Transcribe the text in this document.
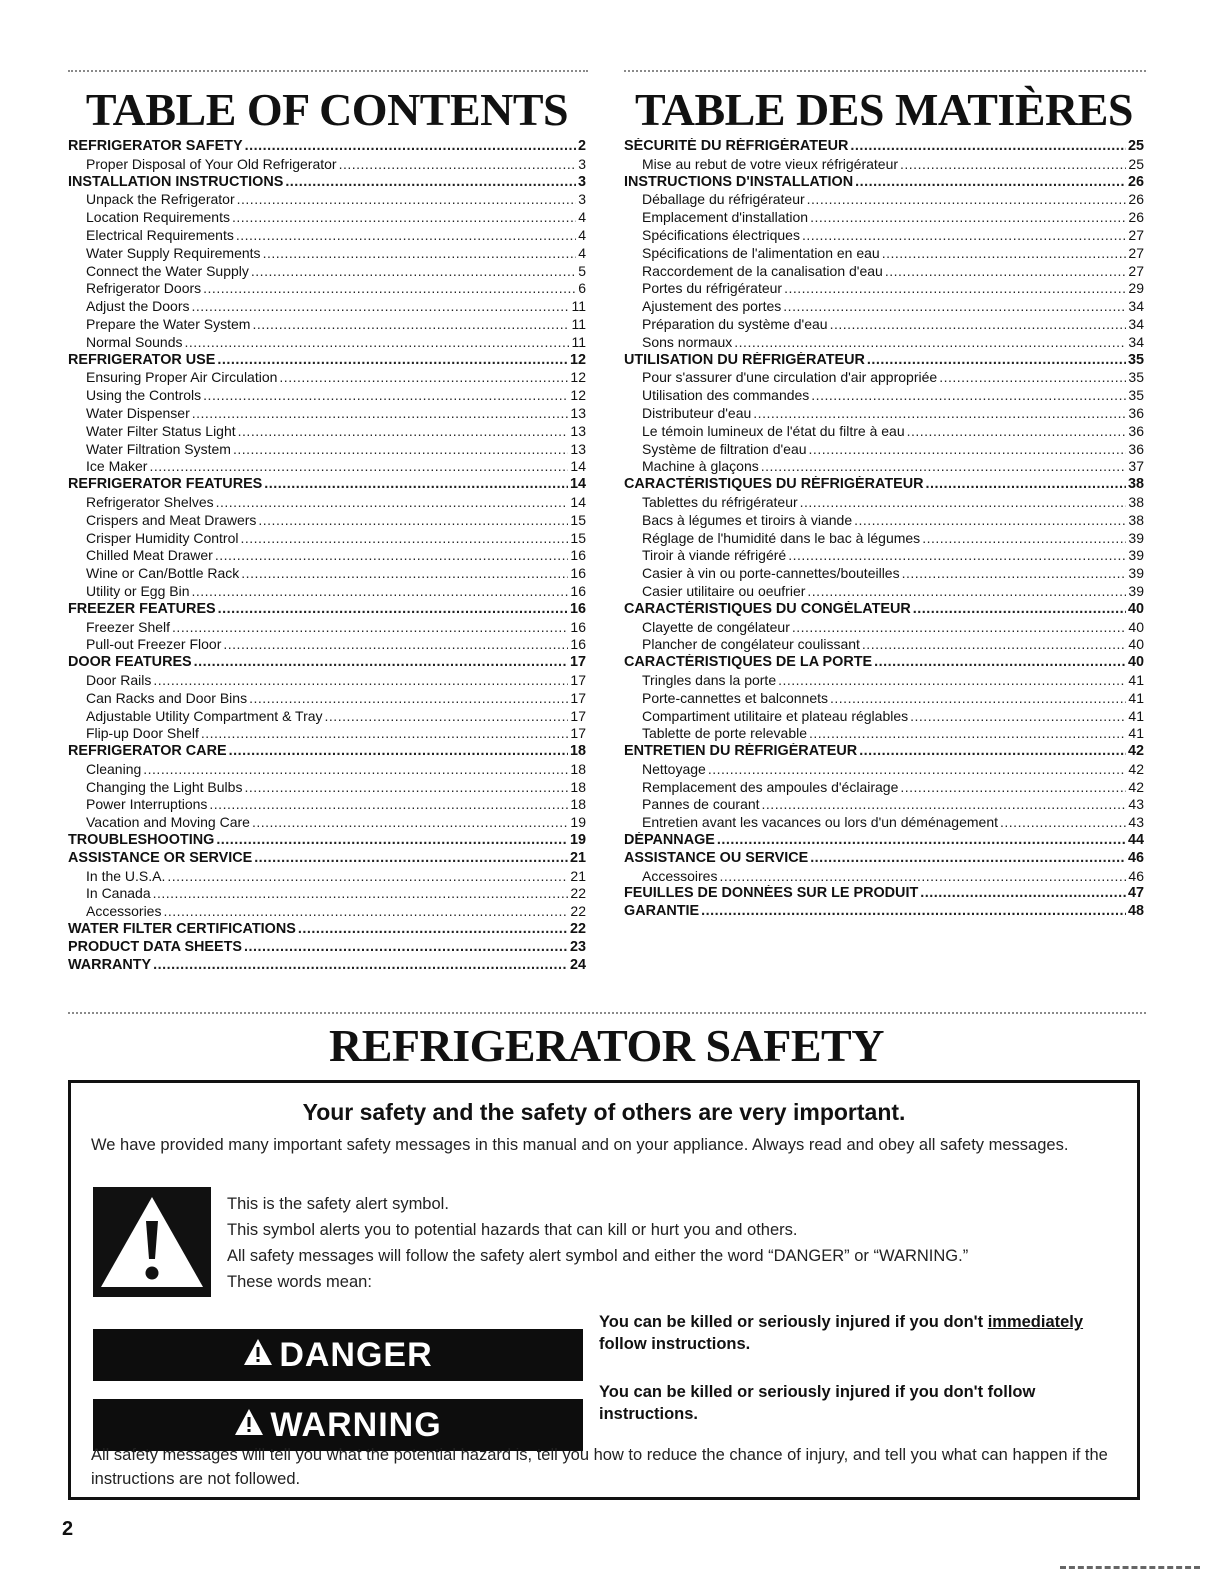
TABLE OF CONTENTS
REFRIGERATOR SAFETY .....	2
Proper Disposal of Your Old Refrigerator .....	3
INSTALLATION INSTRUCTIONS .....	3
Unpack the Refrigerator .....	3
Location Requirements .....	4
Electrical Requirements .....	4
Water Supply Requirements .....	4
Connect the Water Supply .....	5
Refrigerator Doors .....	6
Adjust the Doors .....	11
Prepare the Water System .....	11
Normal Sounds .....	11
REFRIGERATOR USE .....	12
Ensuring Proper Air Circulation .....	12
Using the Controls .....	12
Water Dispenser .....	13
Water Filter Status Light .....	13
Water Filtration System .....	13
Ice Maker .....	14
REFRIGERATOR FEATURES .....	14
Refrigerator Shelves .....	14
Crispers and Meat Drawers .....	15
Crisper Humidity Control .....	15
Chilled Meat Drawer .....	16
Wine or Can/Bottle Rack .....	16
Utility or Egg Bin .....	16
FREEZER FEATURES .....	16
Freezer Shelf .....	16
Pull-out Freezer Floor .....	16
DOOR FEATURES .....	17
Door Rails .....	17
Can Racks and Door Bins .....	17
Adjustable Utility Compartment & Tray .....	17
Flip-up Door Shelf .....	17
REFRIGERATOR CARE .....	18
Cleaning .....	18
Changing the Light Bulbs .....	18
Power Interruptions .....	18
Vacation and Moving Care .....	19
TROUBLESHOOTING .....	19
ASSISTANCE OR SERVICE .....	21
In the U.S.A. .....	21
In Canada .....	22
Accessories .....	22
WATER FILTER CERTIFICATIONS .....	22
PRODUCT DATA SHEETS .....	23
WARRANTY .....	24
TABLE DES MATIÈRES
SÉCURITÉ DU RÉFRIGÉRATEUR .....	25
Mise au rebut de votre vieux réfrigérateur .....	25
INSTRUCTIONS D'INSTALLATION .....	26
Déballage du réfrigérateur .....	26
Emplacement d'installation .....	26
Spécifications électriques .....	27
Spécifications de l'alimentation en eau .....	27
Raccordement de la canalisation d'eau .....	27
Portes du réfrigérateur .....	29
Ajustement des portes .....	34
Préparation du système d'eau .....	34
Sons normaux .....	34
UTILISATION DU RÉFRIGÉRATEUR .....	35
Pour s'assurer d'une circulation d'air appropriée .....	35
Utilisation des commandes .....	35
Distributeur d'eau .....	36
Le témoin lumineux de l'état du filtre à eau .....	36
Système de filtration d'eau .....	36
Machine à glaçons .....	37
CARACTÉRISTIQUES DU RÉFRIGÉRATEUR .....	38
Tablettes du réfrigérateur .....	38
Bacs à légumes et tiroirs à viande .....	38
Réglage de l'humidité dans le bac à légumes .....	39
Tiroir à viande réfrigéré .....	39
Casier à vin ou porte-cannettes/bouteilles .....	39
Casier utilitaire ou oeufrier .....	39
CARACTÉRISTIQUES DU CONGÉLATEUR .....	40
Clayette de congélateur .....	40
Plancher de congélateur coulissant .....	40
CARACTÉRISTIQUES DE LA PORTE .....	40
Tringles dans la porte .....	41
Porte-cannettes et balconnets .....	41
Compartiment utilitaire et plateau réglables .....	41
Tablette de porte relevable .....	41
ENTRETIEN DU RÉFRIGÉRATEUR .....	42
Nettoyage .....	42
Remplacement des ampoules d'éclairage .....	42
Pannes de courant .....	43
Entretien avant les vacances ou lors d'un déménagement .....	43
DÉPANNAGE .....	44
ASSISTANCE OU SERVICE .....	46
Accessoires .....	46
FEUILLES DE DONNÉES SUR LE PRODUIT .....	47
GARANTIE .....	48
REFRIGERATOR SAFETY
Your safety and the safety of others are very important.

We have provided many important safety messages in this manual and on your appliance. Always read and obey all safety messages.

This is the safety alert symbol.

This symbol alerts you to potential hazards that can kill or hurt you and others.

All safety messages will follow the safety alert symbol and either the word “DANGER” or “WARNING.”

These words mean:

DANGER

You can be killed or seriously injured if you don't immediately follow instructions.

WARNING

You can be killed or seriously injured if you don't follow instructions.

All safety messages will tell you what the potential hazard is, tell you how to reduce the chance of injury, and tell you what can happen if the instructions are not followed.

2
